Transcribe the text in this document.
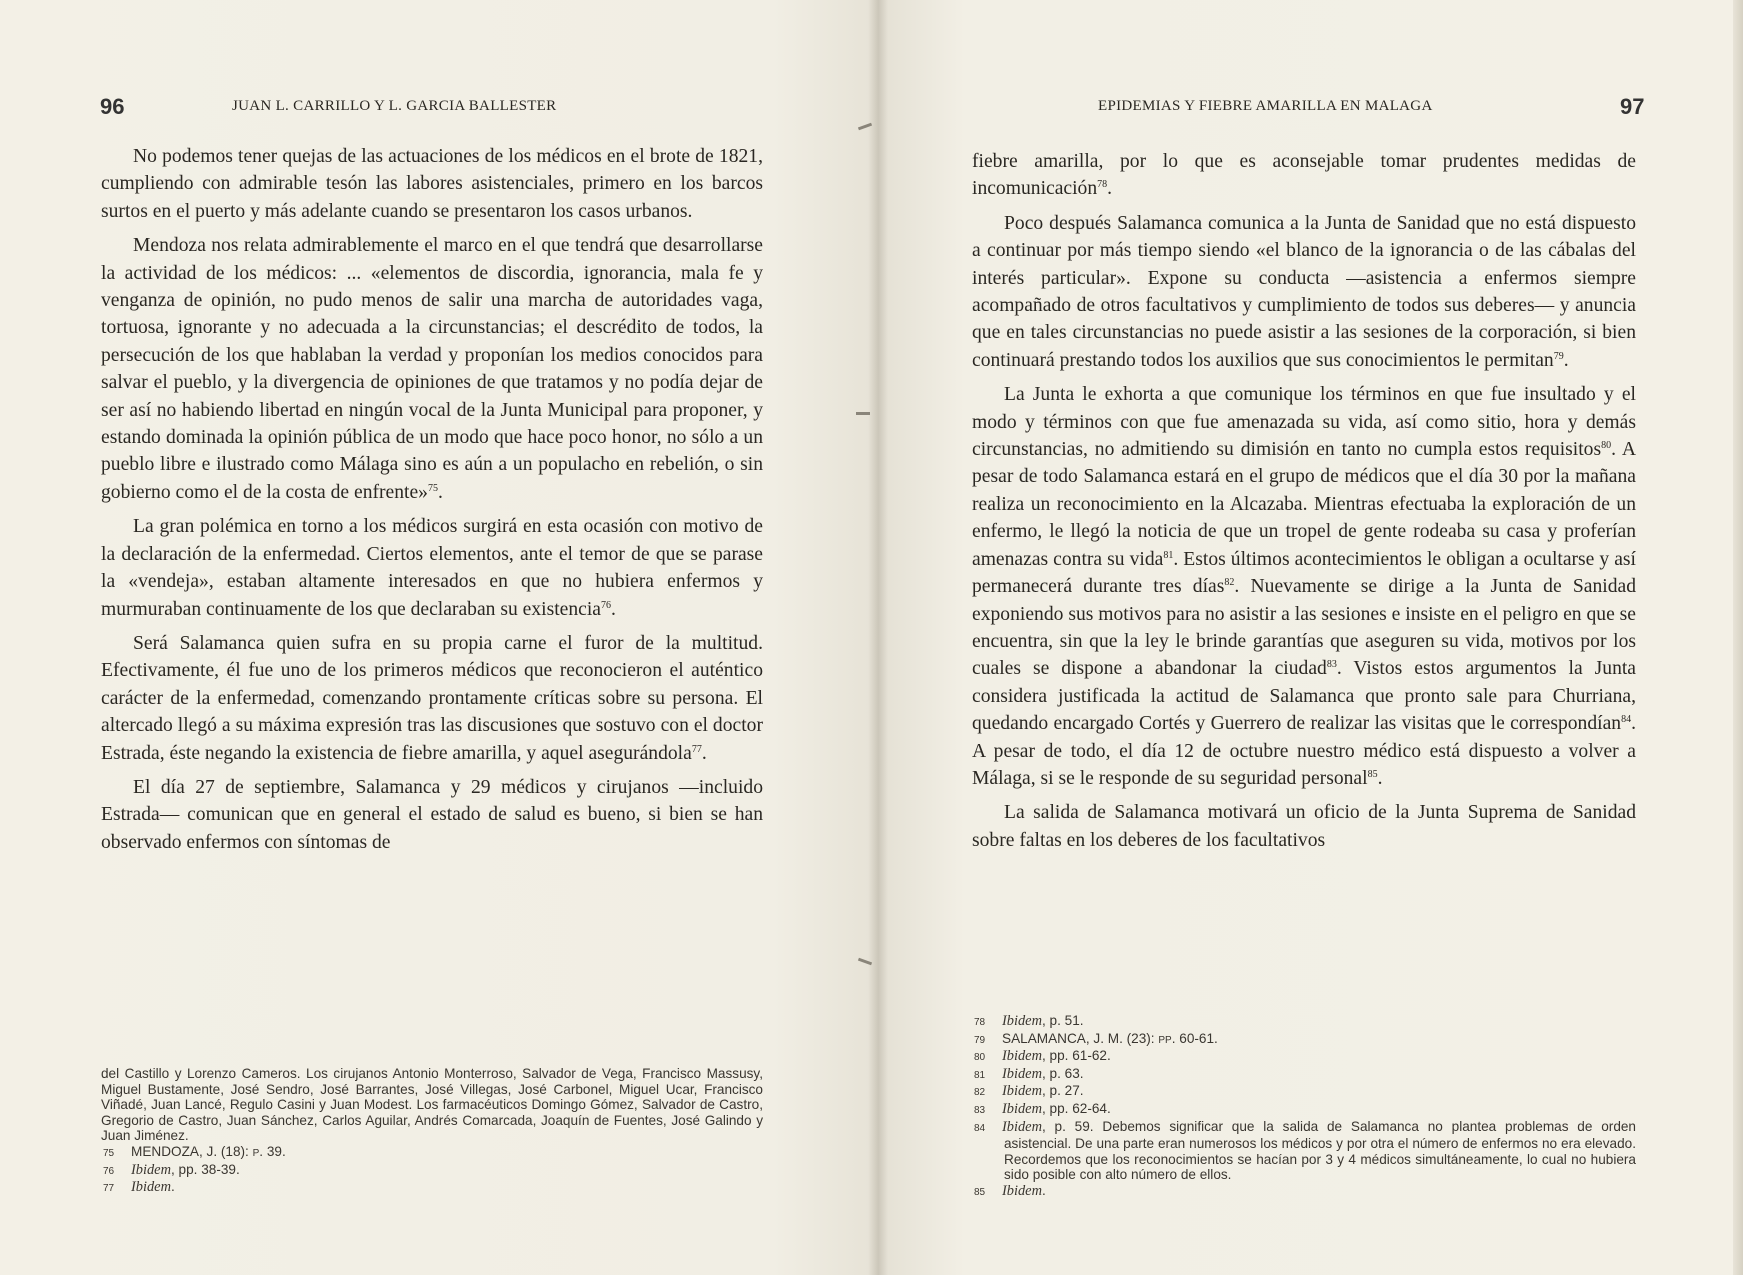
96	JUAN L. CARRILLO Y L. GARCIA BALLESTER

No podemos tener quejas de las actuaciones de los médicos en el brote de 1821, cumpliendo con admirable tesón las labores asistenciales, primero en los barcos surtos en el puerto y más adelante cuando se presentaron los casos urbanos.

Mendoza nos relata admirablemente el marco en el que tendrá que desarrollarse la actividad de los médicos: ... «elementos de discordia, ignorancia, mala fe y venganza de opinión, no pudo menos de salir una marcha de autoridades vaga, tortuosa, ignorante y no adecuada a la circunstancias; el descrédito de todos, la persecución de los que hablaban la verdad y proponían los medios conocidos para salvar el pueblo, y la divergencia de opiniones de que tratamos y no podía dejar de ser así no habiendo libertad en ningún vocal de la Junta Municipal para proponer, y estando dominada la opinión pública de un modo que hace poco honor, no sólo a un pueblo libre e ilustrado como Málaga sino es aún a un populacho en rebelión, o sin gobierno como el de la costa de enfrente»$^{75}$.

La gran polémica en torno a los médicos surgirá en esta ocasión con motivo de la declaración de la enfermedad. Ciertos elementos, ante el temor de que se parase la «vendeja», estaban altamente interesados en que no hubiera enfermos y murmuraban continuamente de los que declaraban su existencia$^{76}$.

Será Salamanca quien sufra en su propia carne el furor de la multitud. Efectivamente, él fue uno de los primeros médicos que reconocieron el auténtico carácter de la enfermedad, comenzando prontamente críticas sobre su persona. El altercado llegó a su máxima expresión tras las discusiones que sostuvo con el doctor Estrada, éste negando la existencia de fiebre amarilla, y aquel asegurándola$^{77}$.

El día 27 de septiembre, Salamanca y 29 médicos y cirujanos —incluido Estrada— comunican que en general el estado de salud es bueno, si bien se han observado enfermos con síntomas de

del Castillo y Lorenzo Cameros. Los cirujanos Antonio Monterroso, Salvador de Vega, Francisco Massusy, Miguel Bustamente, José Sendro, José Barrantes, José Villegas, José Carbonel, Miguel Ucar, Francisco Viñadé, Juan Lancé, Regulo Casini y Juan Modest. Los farmacéuticos Domingo Gómez, Salvador de Castro, Gregorio de Castro, Juan Sánchez, Carlos Aguilar, Andrés Comarcada, Joaquín de Fuentes, José Galindo y Juan Jiménez.

75 MENDOZA, J. (18): p. 39.

76 Ibidem, pp. 38-39.

77 Ibidem.

EPIDEMIAS Y FIEBRE AMARILLA EN MALAGA	97

fiebre amarilla, por lo que es aconsejable tomar prudentes medidas de incomunicación$^{78}$.

Poco después Salamanca comunica a la Junta de Sanidad que no está dispuesto a continuar por más tiempo siendo «el blanco de la ignorancia o de las cábalas del interés particular». Expone su conducta —asistencia a enfermos siempre acompañado de otros facultativos y cumplimiento de todos sus deberes— y anuncia que en tales circunstancias no puede asistir a las sesiones de la corporación, si bien continuará prestando todos los auxilios que sus conocimientos le permitan$^{79}$.

La Junta le exhorta a que comunique los términos en que fue insultado y el modo y términos con que fue amenazada su vida, así como sitio, hora y demás circunstancias, no admitiendo su dimisión en tanto no cumpla estos requisitos$^{80}$. A pesar de todo Salamanca estará en el grupo de médicos que el día 30 por la mañana realiza un reconocimiento en la Alcazaba. Mientras efectuaba la exploración de un enfermo, le llegó la noticia de que un tropel de gente rodeaba su casa y proferían amenazas contra su vida$^{81}$. Estos últimos acontecimientos le obligan a ocultarse y así permanecerá durante tres días$^{82}$. Nuevamente se dirige a la Junta de Sanidad exponiendo sus motivos para no asistir a las sesiones e insiste en el peligro en que se encuentra, sin que la ley le brinde garantías que aseguren su vida, motivos por los cuales se dispone a abandonar la ciudad$^{83}$. Vistos estos argumentos la Junta considera justificada la actitud de Salamanca que pronto sale para Churriana, quedando encargado Cortés y Guerrero de realizar las visitas que le correspondían$^{84}$. A pesar de todo, el día 12 de octubre nuestro médico está dispuesto a volver a Málaga, si se le responde de su seguridad personal$^{85}$.

La salida de Salamanca motivará un oficio de la Junta Suprema de Sanidad sobre faltas en los deberes de los facultativos

78 Ibidem, p. 51.

79 SALAMANCA, J. M. (23): pp. 60-61.

80 Ibidem, pp. 61-62.

81 Ibidem, p. 63.

82 Ibidem, p. 27.

83 Ibidem, pp. 62-64.

84 Ibidem, p. 59. Debemos significar que la salida de Salamanca no plantea problemas de orden asistencial. De una parte eran numerosos los médicos y por otra el número de enfermos no era elevado. Recordemos que los reconocimientos se hacían por 3 y 4 médicos simultáneamente, lo cual no hubiera sido posible con alto número de ellos.

85 Ibidem.
